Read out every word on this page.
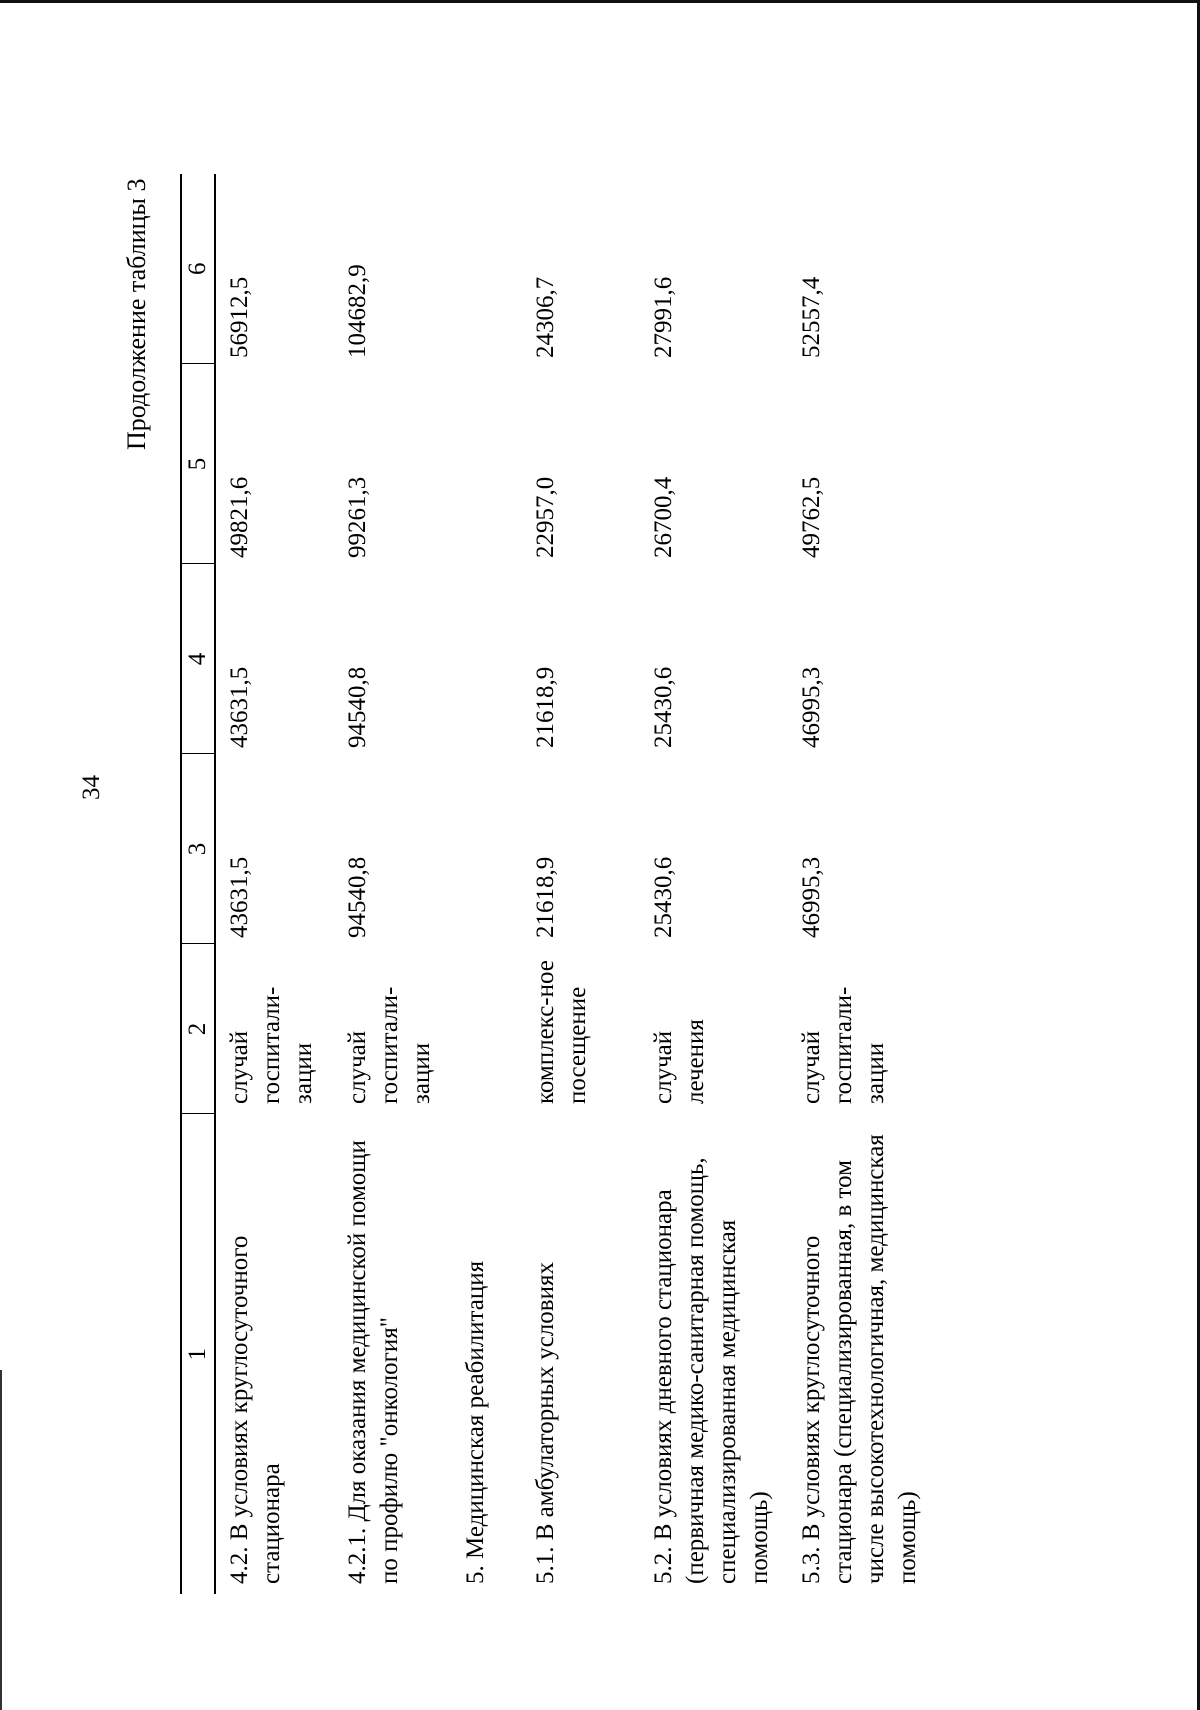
34
Продолжение таблицы 3
1	2	3	4	5	6
4.2. В условиях круглосуточного стационара	случай госпитали-зации	43631,5	43631,5	49821,6	56912,5
4.2.1. Для оказания медицинской помощи по профилю "онкология"	случай госпитали-зации	94540,8	94540,8	99261,3	104682,9
5. Медицинская реабилитация					
5.1. В амбулаторных условиях	комплекс-ное посещение	21618,9	21618,9	22957,0	24306,7
5.2. В условиях дневного стационара (первичная медико-санитарная помощь, специализированная медицинская помощь)	случай лечения	25430,6	25430,6	26700,4	27991,6
5.3. В условиях круглосуточного стационара (специализированная, в том числе высокотехнологичная, медицинская помощь)	случай госпитали-зации	46995,3	46995,3	49762,5	52557,4
